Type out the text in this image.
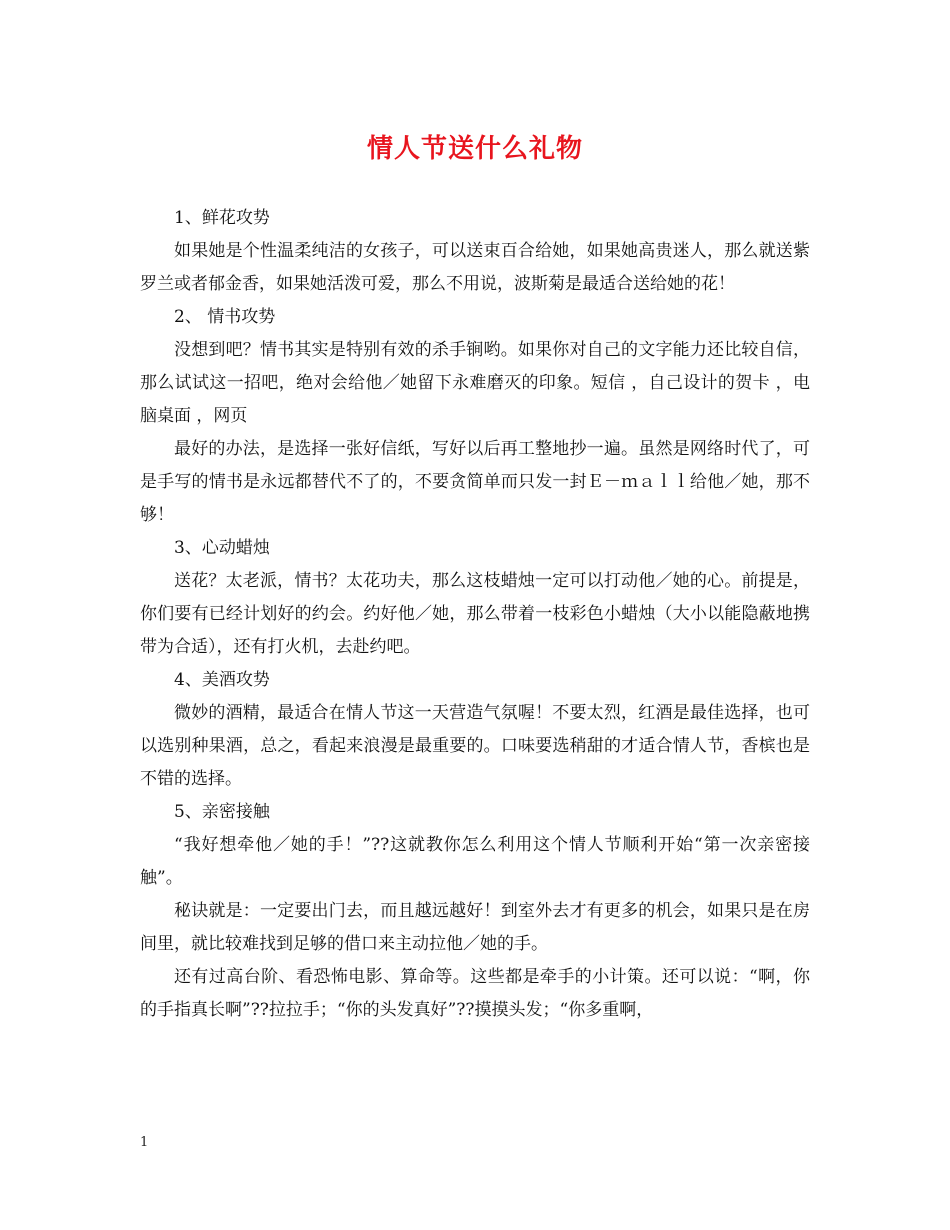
情人节送什么礼物

1、鲜花攻势

如果她是个性温柔纯洁的女孩子，可以送束百合给她，如果她高贵迷人，那么就送紫罗兰或者郁金香，如果她活泼可爱，那么不用说，波斯菊是最适合送给她的花！

2、 情书攻势

没想到吧？情书其实是特别有效的杀手锏哟。如果你对自己的文字能力还比较自信，那么试试这一招吧，绝对会给他／她留下永难磨灭的印象。短信 ，自己设计的贺卡 ，电脑桌面 ，网页

最好的办法，是选择一张好信纸，写好以后再工整地抄一遍。虽然是网络时代了，可是手写的情书是永远都替代不了的，不要贪简单而只发一封Ｅ－ｍａｌｌ给他／她，那不够！

3、心动蜡烛

送花？太老派，情书？太花功夫，那么这枝蜡烛一定可以打动他／她的心。前提是，你们要有已经计划好的约会。约好他／她，那么带着一枝彩色小蜡烛（大小以能隐蔽地携带为合适），还有打火机，去赴约吧。

4、美酒攻势

微妙的酒精，最适合在情人节这一天营造气氛喔！不要太烈，红酒是最佳选择，也可以选别种果酒，总之，看起来浪漫是最重要的。口味要选稍甜的才适合情人节，香槟也是不错的选择。

5、亲密接触

“我好想牵他／她的手！”??这就教你怎么利用这个情人节顺利开始“第一次亲密接触”。

秘诀就是：一定要出门去，而且越远越好！到室外去才有更多的机会，如果只是在房间里，就比较难找到足够的借口来主动拉他／她的手。

还有过高台阶、看恐怖电影、算命等。这些都是牵手的小计策。还可以说：“啊，你的手指真长啊”??拉拉手；“你的头发真好”??摸摸头发；“你多重啊，

1
